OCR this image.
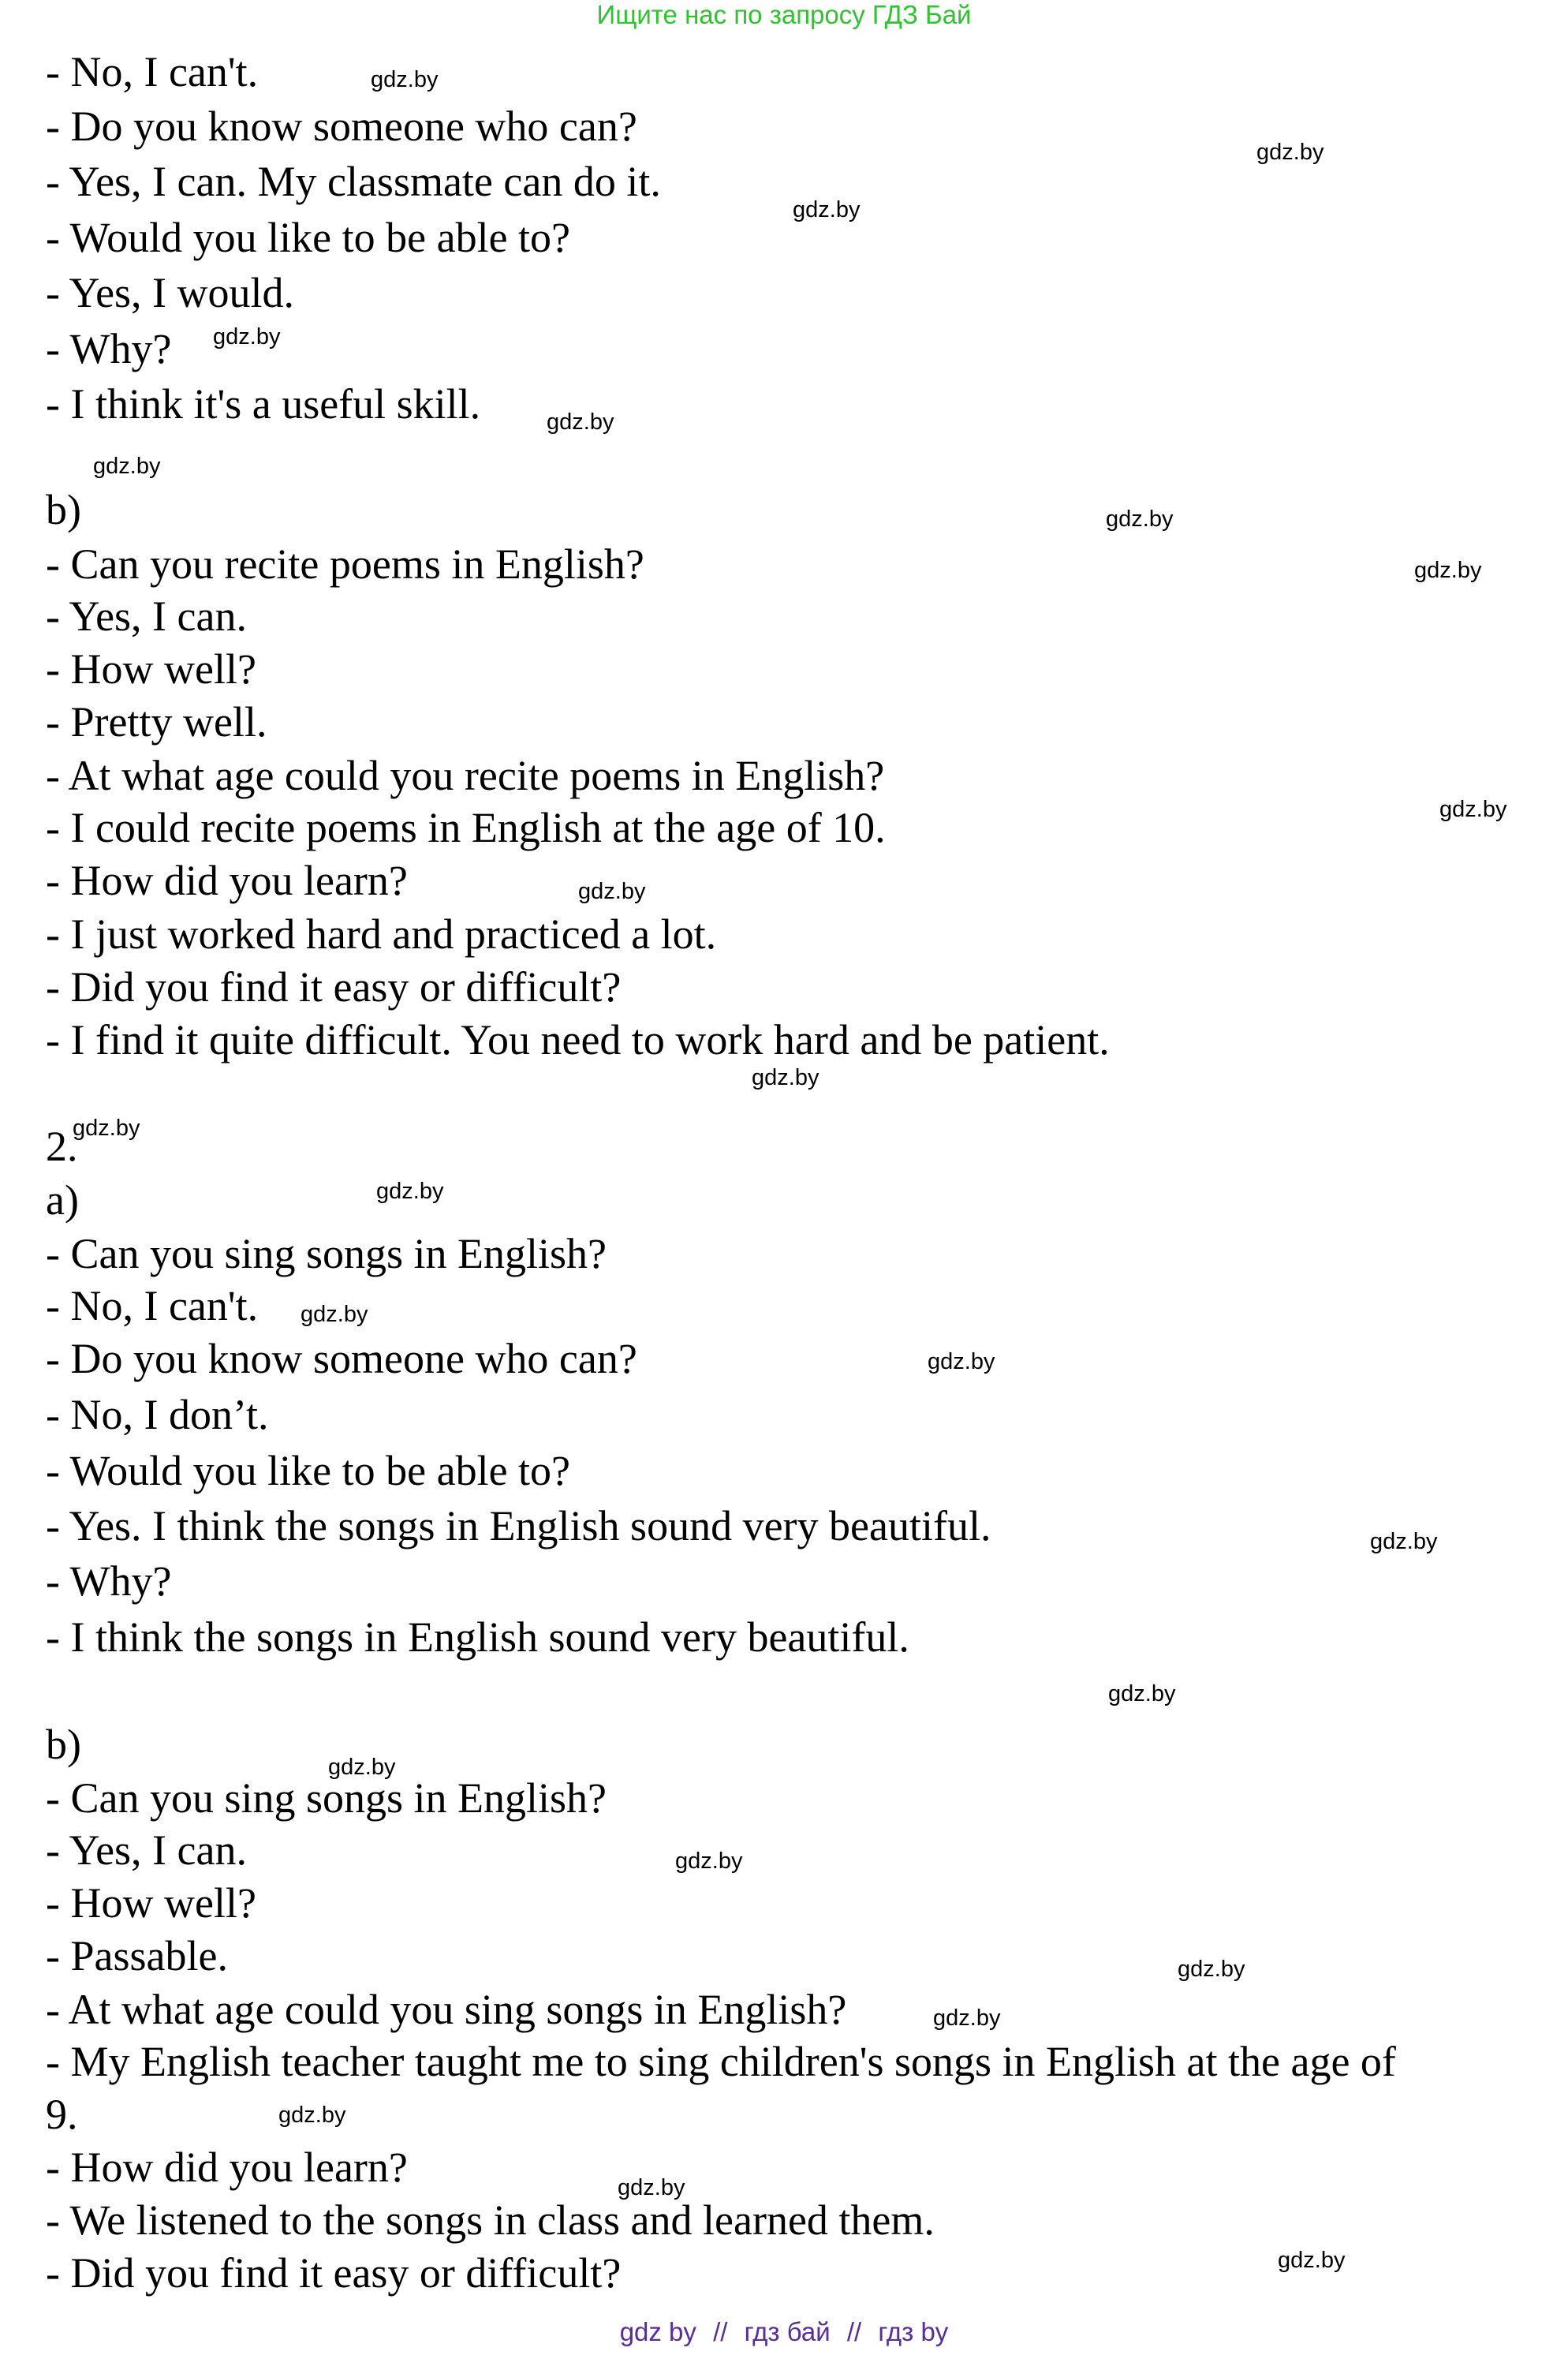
Ищите нас по запросу ГДЗ Бай
- No, I can't.
- Do you know someone who can?
- Yes, I can. My classmate can do it.
- Would you like to be able to?
- Yes, I would.
- Why?
- I think it's a useful skill.
b)
- Can you recite poems in English?
- Yes, I can.
- How well?
- Pretty well.
- At what age could you recite poems in English?
- I could recite poems in English at the age of 10.
- How did you learn?
- I just worked hard and practiced a lot.
- Did you find it easy or difficult?
- I find it quite difficult. You need to work hard and be patient.
2.
a)
- Can you sing songs in English?
- No, I can't.
- Do you know someone who can?
- No, I don’t.
- Would you like to be able to?
- Yes. I think the songs in English sound very beautiful.
- Why?
- I think the songs in English sound very beautiful.
b)
- Can you sing songs in English?
- Yes, I can.
- How well?
- Passable.
- At what age could you sing songs in English?
- My English teacher taught me to sing children's songs in English at the age of
9.
- How did you learn?
- We listened to the songs in class and learned them.
- Did you find it easy or difficult?
gdz.by
gdz.by
gdz.by
gdz.by
gdz.by
gdz.by
gdz.by
gdz.by
gdz.by
gdz.by
gdz.by
gdz.by
gdz.by
gdz.by
gdz.by
gdz.by
gdz.by
gdz.by
gdz.by
gdz.by
gdz.by
gdz.by
gdz.by
gdz.by
gdz by // гдз бай // гдз by
